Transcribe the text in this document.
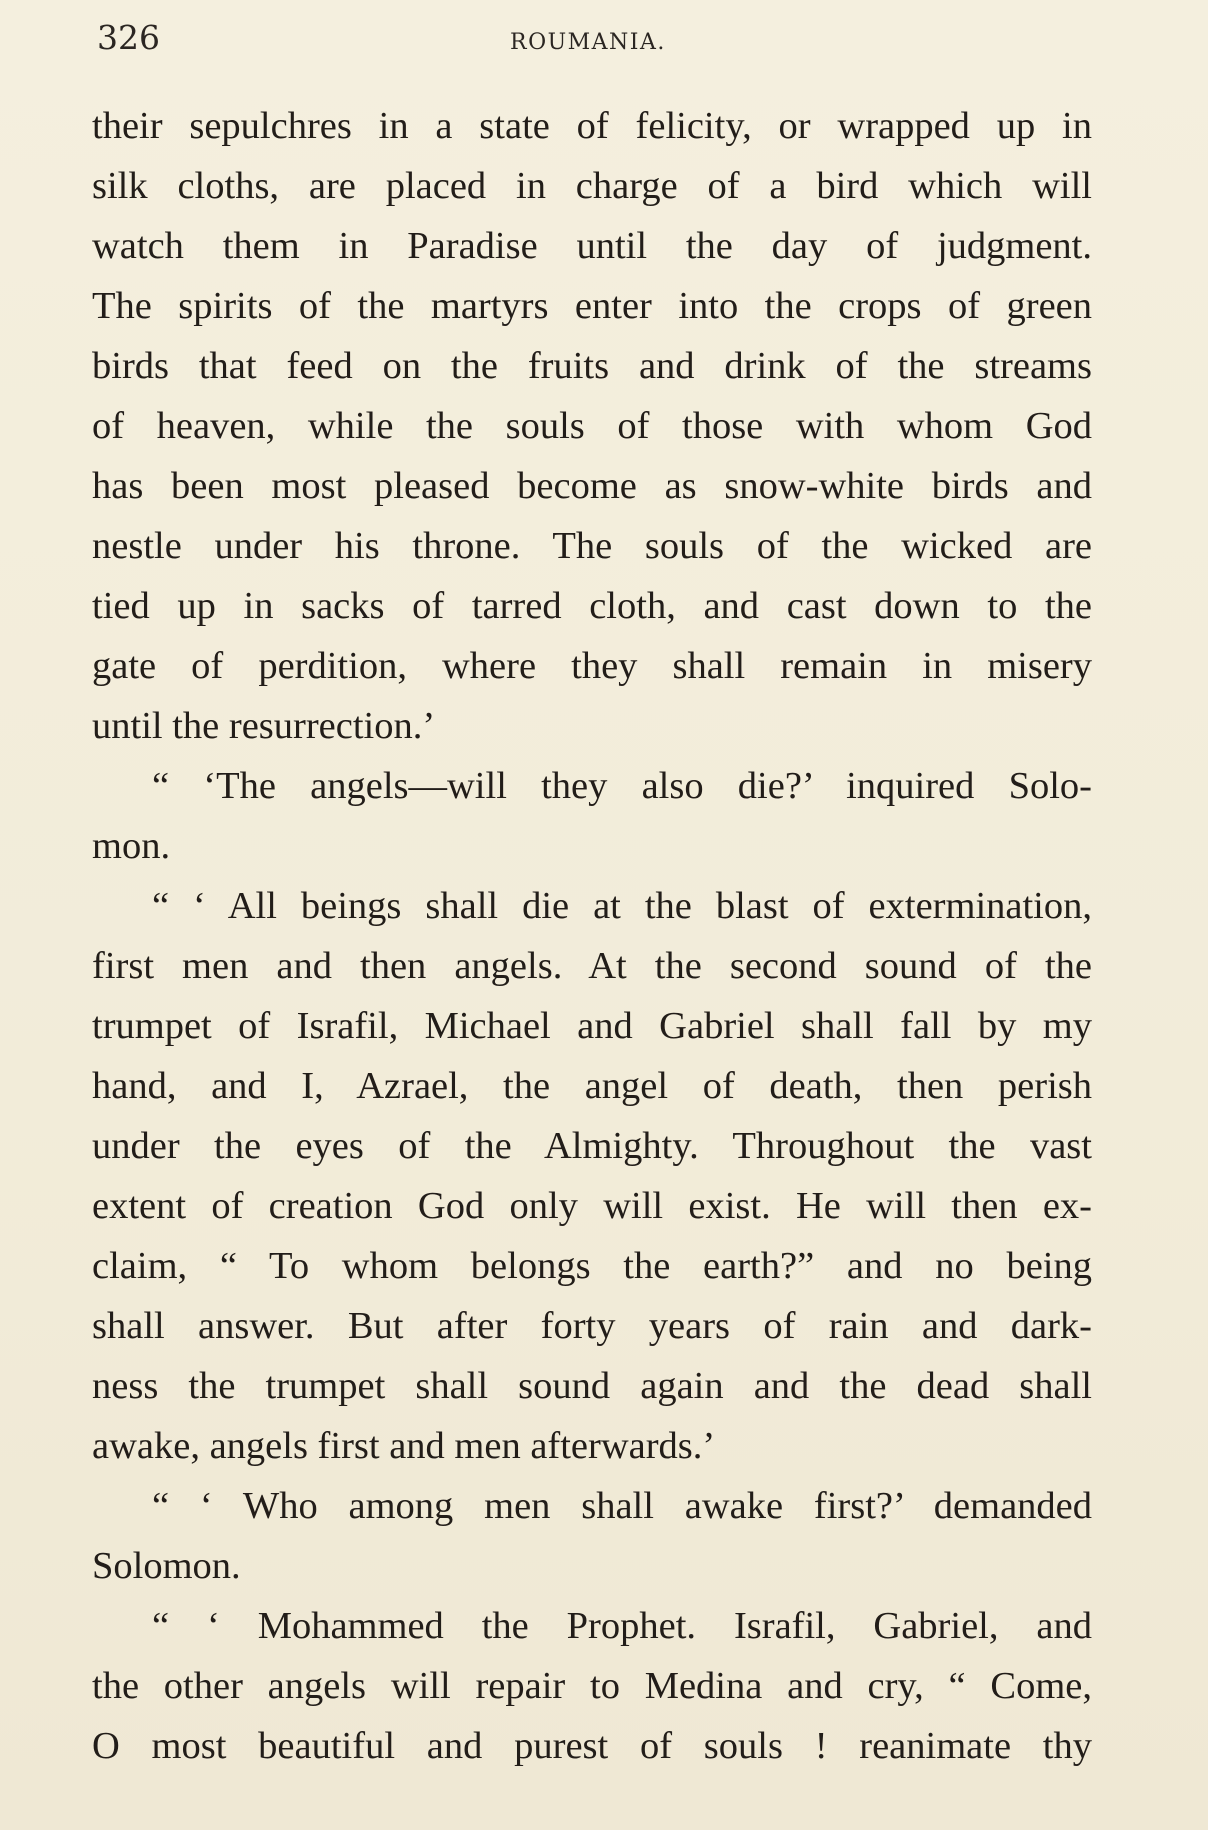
326	ROUMANIA.
their sepulchres in a state of felicity, or wrapped up in
silk cloths, are placed in charge of a bird which will
watch them in Paradise until the day of judgment.
The spirits of the martyrs enter into the crops of green
birds that feed on the fruits and drink of the streams
of heaven, while the souls of those with whom God
has been most pleased become as snow-white birds and
nestle under his throne. The souls of the wicked are
tied up in sacks of tarred cloth, and cast down to the
gate of perdition, where they shall remain in misery
until the resurrection.’
“ ‘The angels—will they also die?’ inquired Solo-
mon.
“ ‘ All beings shall die at the blast of extermination,
first men and then angels. At the second sound of the
trumpet of Israfil, Michael and Gabriel shall fall by my
hand, and I, Azrael, the angel of death, then perish
under the eyes of the Almighty. Throughout the vast
extent of creation God only will exist. He will then ex-
claim, “ To whom belongs the earth?” and no being
shall answer. But after forty years of rain and dark-
ness the trumpet shall sound again and the dead shall
awake, angels first and men afterwards.’
“ ‘ Who among men shall awake first?’ demanded
Solomon.
“ ‘ Mohammed the Prophet. Israfil, Gabriel, and
the other angels will repair to Medina and cry, “ Come,
O most beautiful and purest of souls ! reanimate thy
